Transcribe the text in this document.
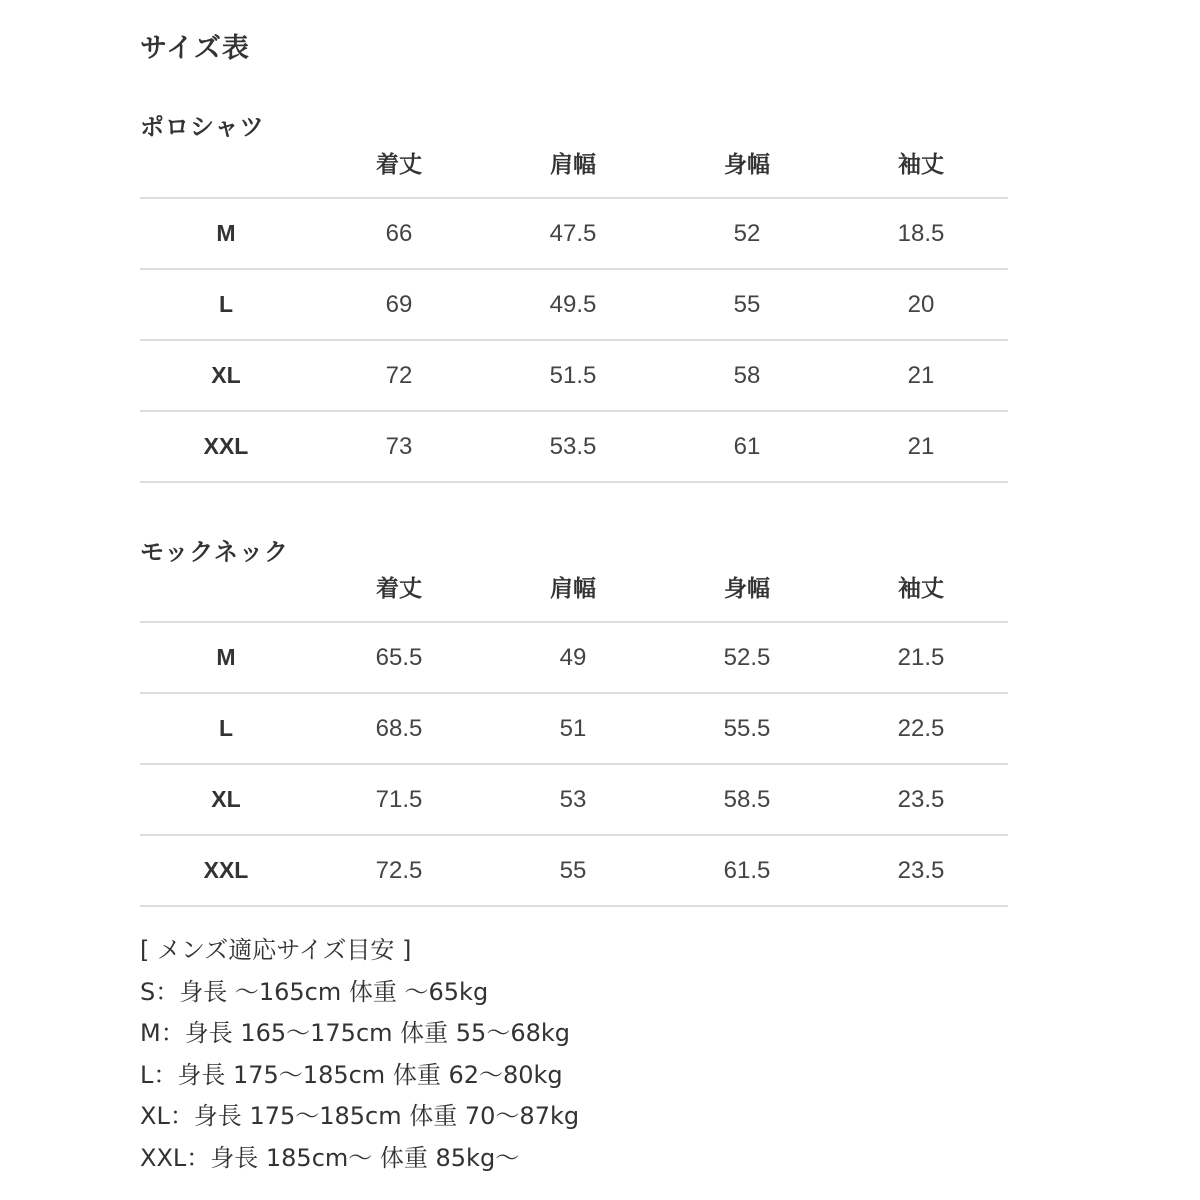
サイズ表
ポロシャツ
	着丈	肩幅	身幅	袖丈
M	66	47.5	52	18.5
L	69	49.5	55	20
XL	72	51.5	58	21
XXL	73	53.5	61	21
モックネック
	着丈	肩幅	身幅	袖丈
M	65.5	49	52.5	21.5
L	68.5	51	55.5	22.5
XL	71.5	53	58.5	23.5
XXL	72.5	55	61.5	23.5
[ メンズ適応サイズ目安 ]
S：身長 ～165cm 体重 ～65kg
M：身長 165～175cm 体重 55～68kg
L：身長 175～185cm 体重 62～80kg
XL：身長 175～185cm 体重 70～87kg
XXL：身長 185cm～ 体重 85kg～
